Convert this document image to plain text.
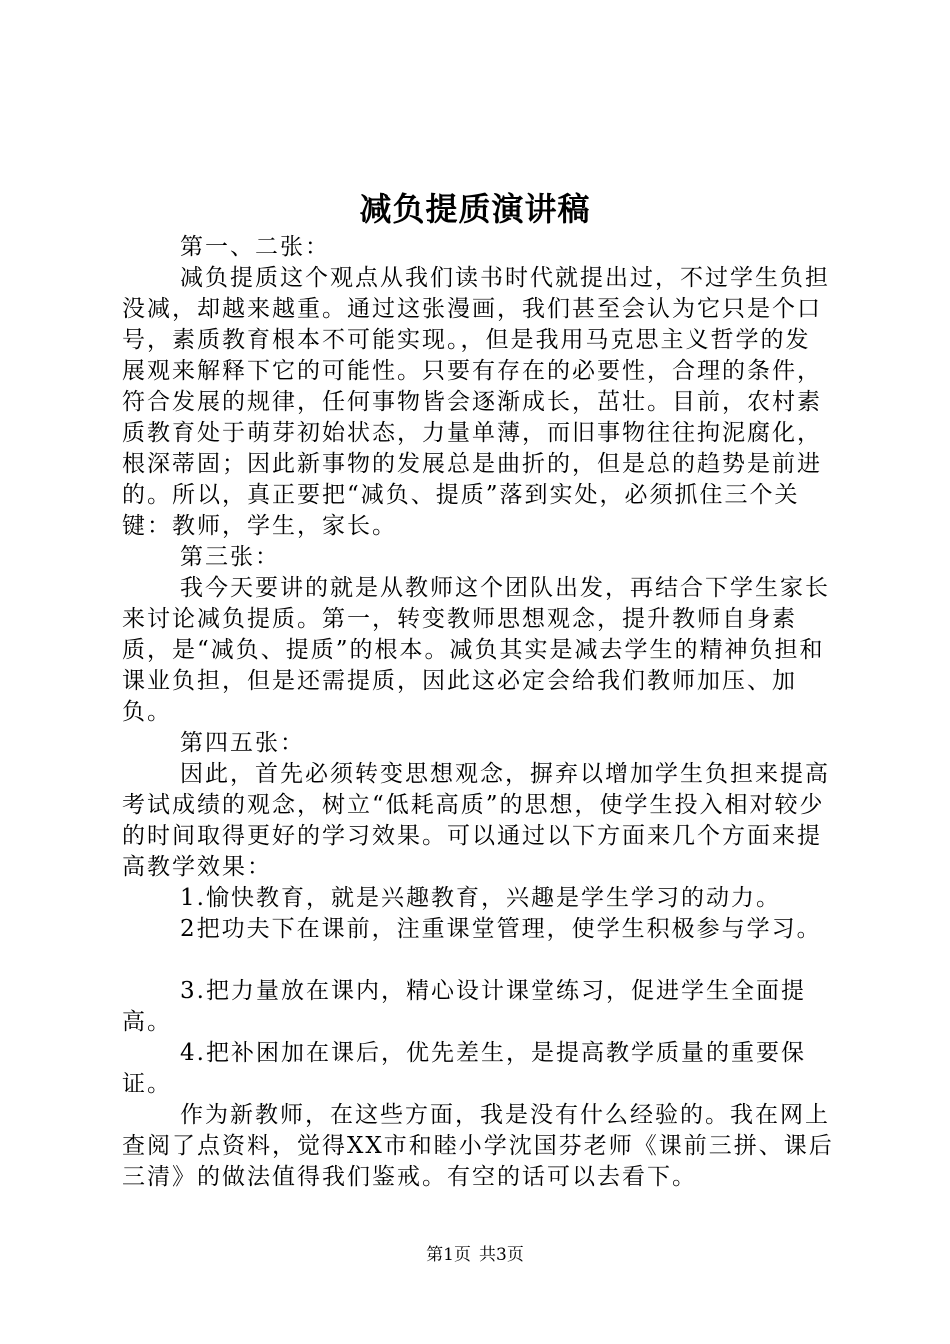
减负提质演讲稿

第一、二张：

减负提质这个观点从我们读书时代就提出过，不过学生负担没减，却越来越重。通过这张漫画，我们甚至会认为它只是个口号，素质教育根本不可能实现。，但是我用马克思主义哲学的发展观来解释下它的可能性。只要有存在的必要性，合理的条件，符合发展的规律，任何事物皆会逐渐成长，茁壮。目前，农村素质教育处于萌芽初始状态，力量单薄，而旧事物往往拘泥腐化，根深蒂固；因此新事物的发展总是曲折的，但是总的趋势是前进的。所以，真正要把“减负、提质”落到实处，必须抓住三个关键：教师，学生，家长。

第三张：

我今天要讲的就是从教师这个团队出发，再结合下学生家长来讨论减负提质。第一，转变教师思想观念，提升教师自身素质，是“减负、提质”的根本。减负其实是减去学生的精神负担和课业负担，但是还需提质，因此这必定会给我们教师加压、加负。

第四五张：

因此，首先必须转变思想观念，摒弃以增加学生负担来提高考试成绩的观念，树立“低耗高质”的思想，使学生投入相对较少的时间取得更好的学习效果。可以通过以下方面来几个方面来提高教学效果：

1.愉快教育，就是兴趣教育，兴趣是学生学习的动力。

2把功夫下在课前，注重课堂管理，使学生积极参与学习。

3.把力量放在课内，精心设计课堂练习，促进学生全面提高。

4.把补困加在课后，优先差生，是提高教学质量的重要保证。

作为新教师，在这些方面，我是没有什么经验的。我在网上查阅了点资料，觉得XX市和睦小学沈国芬老师《课前三拼、课后三清》的做法值得我们鉴戒。有空的话可以去看下。

第1页 共3页
